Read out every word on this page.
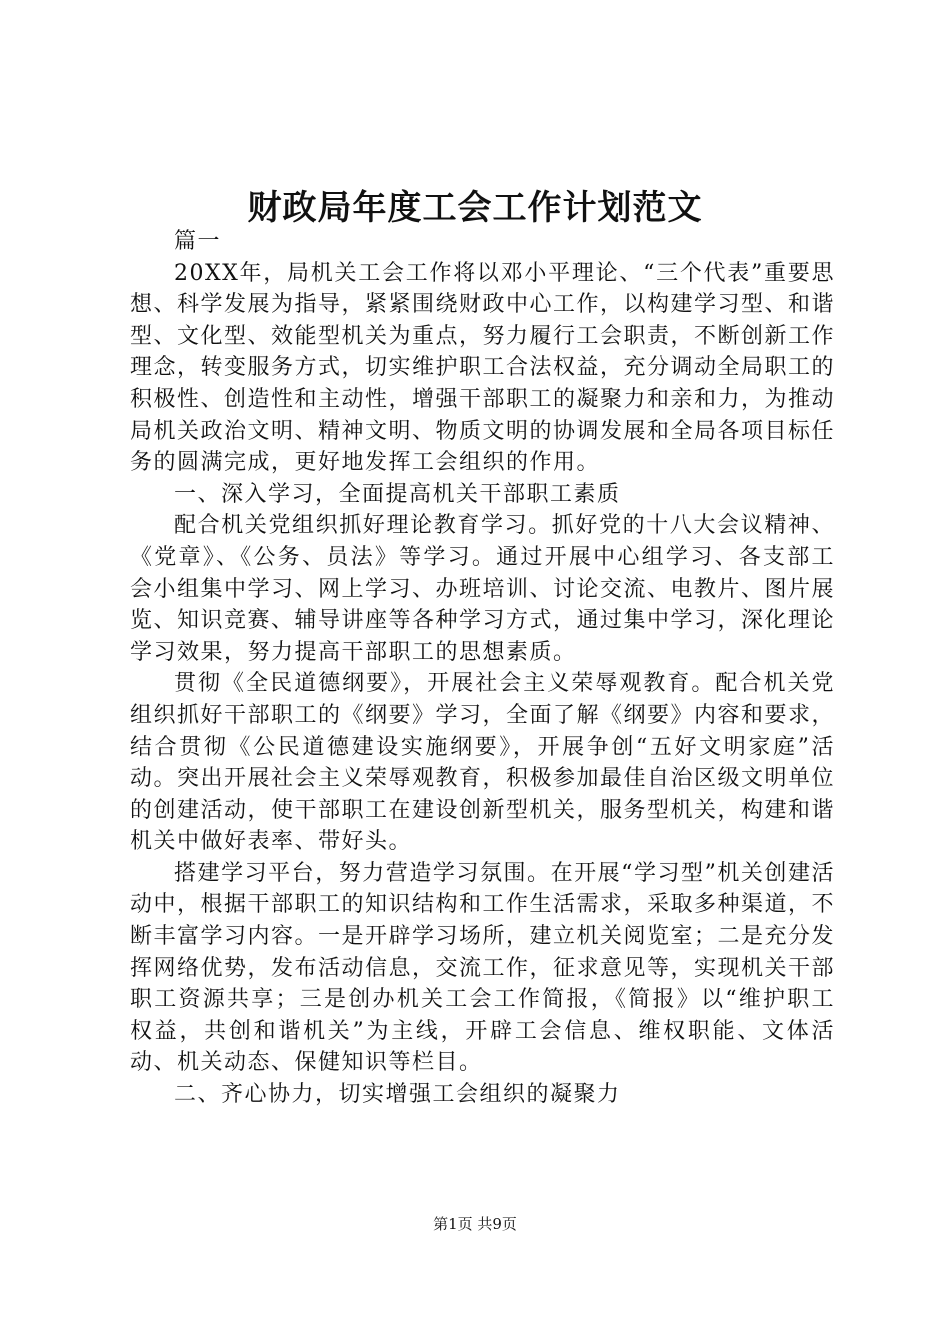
财政局年度工会工作计划范文

篇一

20XX年，局机关工会工作将以邓小平理论、“三个代表”重要思想、科学发展为指导，紧紧围绕财政中心工作，以构建学习型、和谐型、文化型、效能型机关为重点，努力履行工会职责，不断创新工作理念，转变服务方式，切实维护职工合法权益，充分调动全局职工的积极性、创造性和主动性，增强干部职工的凝聚力和亲和力，为推动局机关政治文明、精神文明、物质文明的协调发展和全局各项目标任务的圆满完成，更好地发挥工会组织的作用。

一、深入学习，全面提高机关干部职工素质

配合机关党组织抓好理论教育学习。抓好党的十八大会议精神、《党章》、《公务、员法》等学习。通过开展中心组学习、各支部工会小组集中学习、网上学习、办班培训、讨论交流、电教片、图片展览、知识竞赛、辅导讲座等各种学习方式，通过集中学习，深化理论学习效果，努力提高干部职工的思想素质。

贯彻《全民道德纲要》，开展社会主义荣辱观教育。配合机关党组织抓好干部职工的《纲要》学习，全面了解《纲要》内容和要求，结合贯彻《公民道德建设实施纲要》，开展争创“五好文明家庭”活动。突出开展社会主义荣辱观教育，积极参加最佳自治区级文明单位的创建活动，使干部职工在建设创新型机关，服务型机关，构建和谐机关中做好表率、带好头。

搭建学习平台，努力营造学习氛围。在开展“学习型”机关创建活动中，根据干部职工的知识结构和工作生活需求，采取多种渠道，不断丰富学习内容。一是开辟学习场所，建立机关阅览室；二是充分发挥网络优势，发布活动信息，交流工作，征求意见等，实现机关干部职工资源共享；三是创办机关工会工作简报，《简报》以“维护职工权益，共创和谐机关”为主线，开辟工会信息、维权职能、文体活动、机关动态、保健知识等栏目。

二、齐心协力，切实增强工会组织的凝聚力

第1页 共9页
